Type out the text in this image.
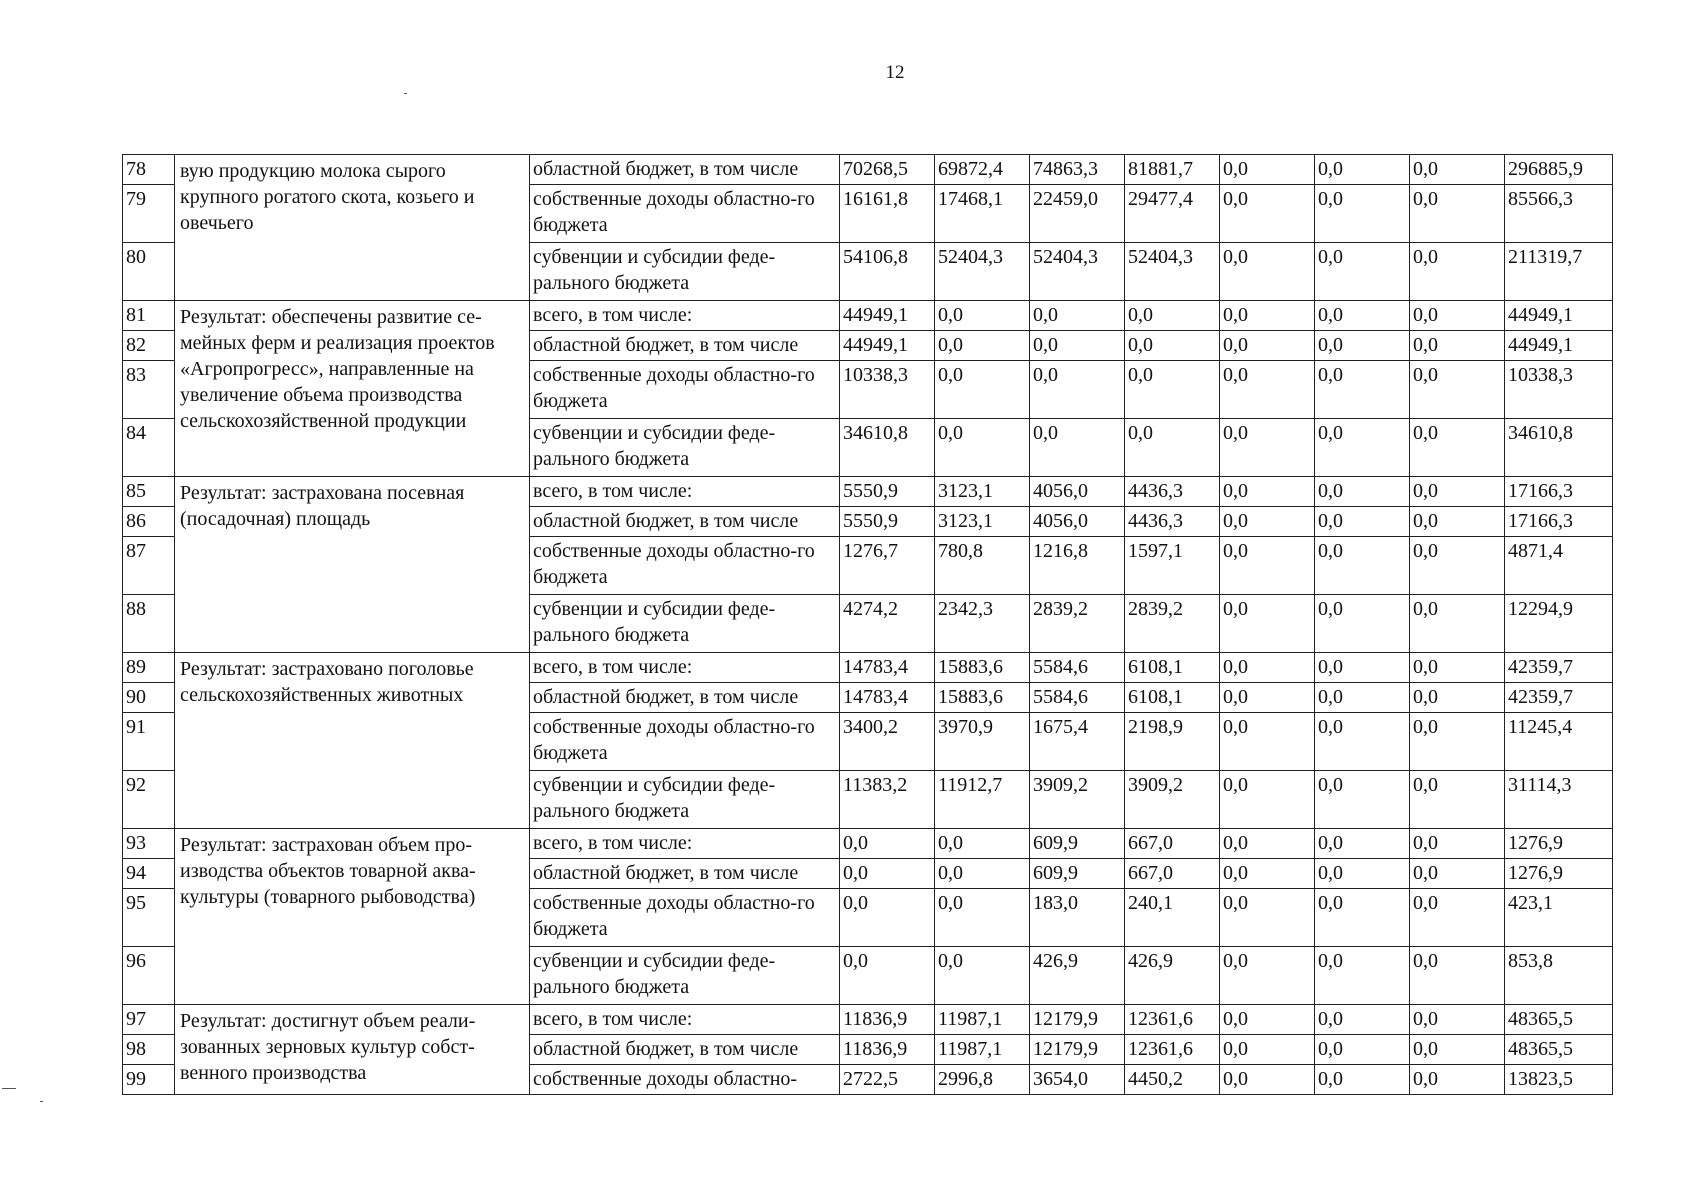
12
78	вую продукцию молока сырого крупного рогатого скота, козьего и овечьего	областной бюджет, в том числе	70268,5	69872,4	74863,3	81881,7	0,0	0,0	0,0	296885,9
79		собственные доходы областно-го бюджета	16161,8	17468,1	22459,0	29477,4	0,0	0,0	0,0	85566,3
80		субвенции и субсидии феде-рального бюджета	54106,8	52404,3	52404,3	52404,3	0,0	0,0	0,0	211319,7
81	Результат: обеспечены развитие се-мейных ферм и реализация проектов «Агропрогресс», направленные на увеличение объема производства сельскохозяйственной продукции	всего, в том числе:	44949,1	0,0	0,0	0,0	0,0	0,0	0,0	44949,1
82		областной бюджет, в том числе	44949,1	0,0	0,0	0,0	0,0	0,0	0,0	44949,1
83		собственные доходы областно-го бюджета	10338,3	0,0	0,0	0,0	0,0	0,0	0,0	10338,3
84		субвенции и субсидии феде-рального бюджета	34610,8	0,0	0,0	0,0	0,0	0,0	0,0	34610,8
85	Результат: застрахована посевная (посадочная) площадь	всего, в том числе:	5550,9	3123,1	4056,0	4436,3	0,0	0,0	0,0	17166,3
86		областной бюджет, в том числе	5550,9	3123,1	4056,0	4436,3	0,0	0,0	0,0	17166,3
87		собственные доходы областно-го бюджета	1276,7	780,8	1216,8	1597,1	0,0	0,0	0,0	4871,4
88		субвенции и субсидии феде-рального бюджета	4274,2	2342,3	2839,2	2839,2	0,0	0,0	0,0	12294,9
89	Результат: застраховано поголовье сельскохозяйственных животных	всего, в том числе:	14783,4	15883,6	5584,6	6108,1	0,0	0,0	0,0	42359,7
90		областной бюджет, в том числе	14783,4	15883,6	5584,6	6108,1	0,0	0,0	0,0	42359,7
91		собственные доходы областно-го бюджета	3400,2	3970,9	1675,4	2198,9	0,0	0,0	0,0	11245,4
92		субвенции и субсидии феде-рального бюджета	11383,2	11912,7	3909,2	3909,2	0,0	0,0	0,0	31114,3
93	Результат: застрахован объем про-изводства объектов товарной аква-культуры (товарного рыбоводства)	всего, в том числе:	0,0	0,0	609,9	667,0	0,0	0,0	0,0	1276,9
94		областной бюджет, в том числе	0,0	0,0	609,9	667,0	0,0	0,0	0,0	1276,9
95		собственные доходы областно-го бюджета	0,0	0,0	183,0	240,1	0,0	0,0	0,0	423,1
96		субвенции и субсидии феде-рального бюджета	0,0	0,0	426,9	426,9	0,0	0,0	0,0	853,8
97	Результат: достигнут объем реали-зованных зерновых культур собст-венного производства	всего, в том числе:	11836,9	11987,1	12179,9	12361,6	0,0	0,0	0,0	48365,5
98		областной бюджет, в том числе	11836,9	11987,1	12179,9	12361,6	0,0	0,0	0,0	48365,5
99		собственные доходы областно-	2722,5	2996,8	3654,0	4450,2	0,0	0,0	0,0	13823,5
